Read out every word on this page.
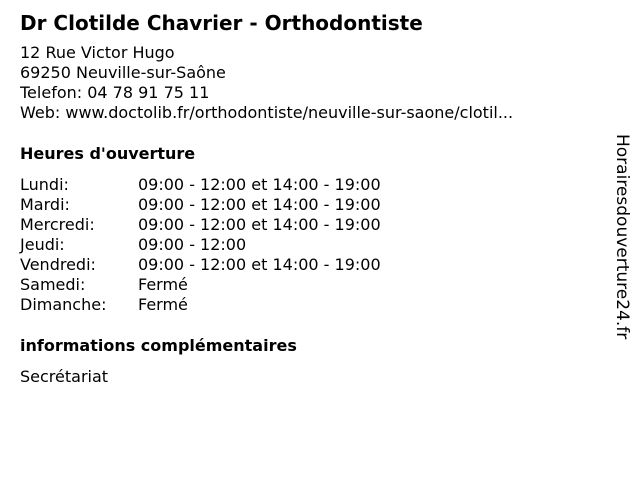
Dr Clotilde Chavrier - Orthodontiste
12 Rue Victor Hugo
69250 Neuville-sur-Saône
Telefon: 04 78 91 75 11
Web: www.doctolib.fr/orthodontiste/neuville-sur-saone/clotil...
Heures d'ouverture
Lundi:	09:00 - 12:00 et 14:00 - 19:00
Mardi:	09:00 - 12:00 et 14:00 - 19:00
Mercredi:	09:00 - 12:00 et 14:00 - 19:00
Jeudi:	09:00 - 12:00
Vendredi:	09:00 - 12:00 et 14:00 - 19:00
Samedi:	Fermé
Dimanche:	Fermé
informations complémentaires
Secrétariat
Horairesdouverture24.fr
